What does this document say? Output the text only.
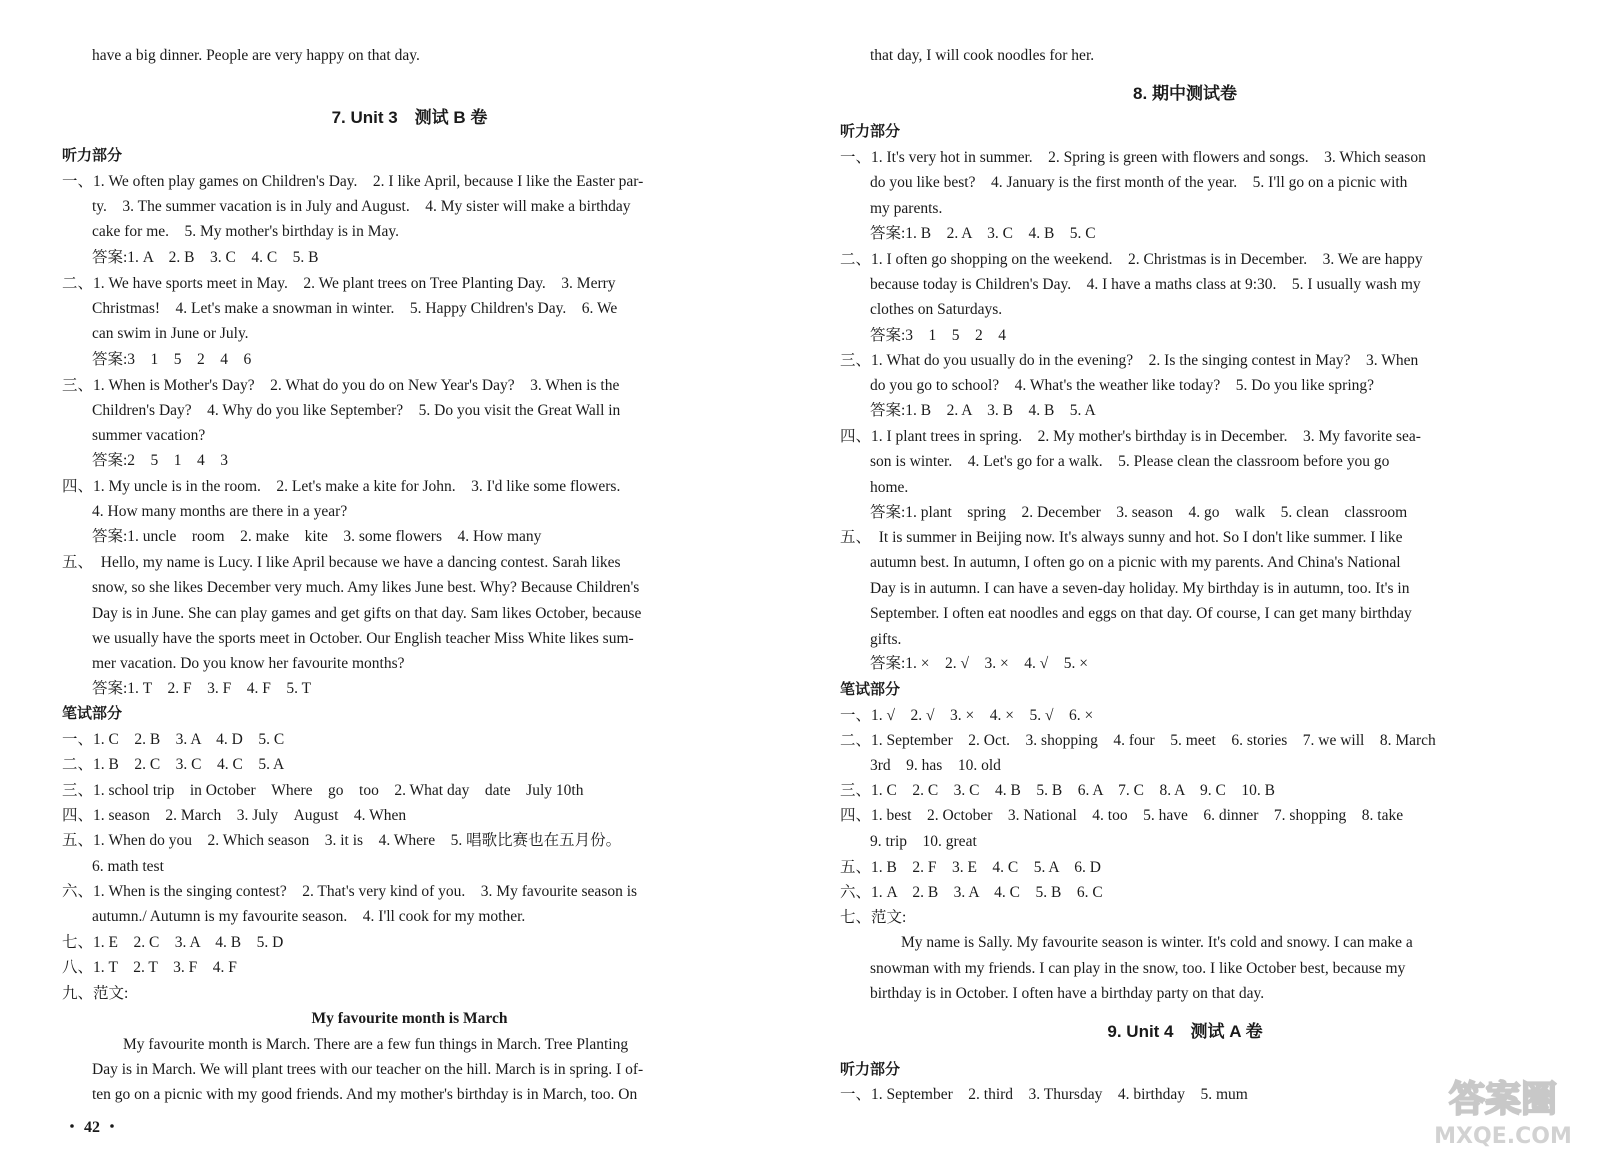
have a big dinner. People are very happy on that day.
7. Unit 3　测试 B 卷
听力部分
一、1. We often play games on Children's Day.　2. I like April, because I like the Easter par-
ty.　3. The summer vacation is in July and August.　4. My sister will make a birthday
cake for me.　5. My mother's birthday is in May.
答案:1. A　2. B　3. C　4. C　5. B
二、1. We have sports meet in May.　2. We plant trees on Tree Planting Day.　3. Merry
Christmas!　4. Let's make a snowman in winter.　5. Happy Children's Day.　6. We
can swim in June or July.
答案:3　1　5　2　4　6
三、1. When is Mother's Day?　2. What do you do on New Year's Day?　3. When is the
Children's Day?　4. Why do you like September?　5. Do you visit the Great Wall in
summer vacation?
答案:2　5　1　4　3
四、1. My uncle is in the room.　2. Let's make a kite for John.　3. I'd like some flowers.
4. How many months are there in a year?
答案:1. uncle　room　2. make　kite　3. some flowers　4. How many
五、　Hello, my name is Lucy. I like April because we have a dancing contest. Sarah likes
snow, so she likes December very much. Amy likes June best. Why? Because Children's
Day is in June. She can play games and get gifts on that day. Sam likes October, because
we usually have the sports meet in October. Our English teacher Miss White likes sum-
mer vacation. Do you know her favourite months?
答案:1. T　2. F　3. F　4. F　5. T
笔试部分
一、1. C　2. B　3. A　4. D　5. C
二、1. B　2. C　3. C　4. C　5. A
三、1. school trip　in October　Where　go　too　2. What day　date　July 10th
四、1. season　2. March　3. July　August　4. When
五、1. When do you　2. Which season　3. it is　4. Where　5. 唱歌比赛也在五月份。
6. math test
六、1. When is the singing contest?　2. That's very kind of you.　3. My favourite season is
autumn./ Autumn is my favourite season.　4. I'll cook for my mother.
七、1. E　2. C　3. A　4. B　5. D
八、1. T　2. T　3. F　4. F
九、范文:
My favourite month is March
　　My favourite month is March. There are a few fun things in March. Tree Planting
Day is in March. We will plant trees with our teacher on the hill. March is in spring. I of-
ten go on a picnic with my good friends. And my mother's birthday is in March, too. On
that day, I will cook noodles for her.
8. 期中测试卷
听力部分
一、1. It's very hot in summer.　2. Spring is green with flowers and songs.　3. Which season
do you like best?　4. January is the first month of the year.　5. I'll go on a picnic with
my parents.
答案:1. B　2. A　3. C　4. B　5. C
二、1. I often go shopping on the weekend.　2. Christmas is in December.　3. We are happy
because today is Children's Day.　4. I have a maths class at 9:30.　5. I usually wash my
clothes on Saturdays.
答案:3　1　5　2　4
三、1. What do you usually do in the evening?　2. Is the singing contest in May?　3. When
do you go to school?　4. What's the weather like today?　5. Do you like spring?
答案:1. B　2. A　3. B　4. B　5. A
四、1. I plant trees in spring.　2. My mother's birthday is in December.　3. My favorite sea-
son is winter.　4. Let's go for a walk.　5. Please clean the classroom before you go
home.
答案:1. plant　spring　2. December　3. season　4. go　walk　5. clean　classroom
五、　It is summer in Beijing now. It's always sunny and hot. So I don't like summer. I like
autumn best. In autumn, I often go on a picnic with my parents. And China's National
Day is in autumn. I can have a seven-day holiday. My birthday is in autumn, too. It's in
September. I often eat noodles and eggs on that day. Of course, I can get many birthday
gifts.
答案:1. ×　2. √　3. ×　4. √　5. ×
笔试部分
一、1. √　2. √　3. ×　4. ×　5. √　6. ×
二、1. September　2. Oct.　3. shopping　4. four　5. meet　6. stories　7. we will　8. March
3rd　9. has　10. old
三、1. C　2. C　3. C　4. B　5. B　6. A　7. C　8. A　9. C　10. B
四、1. best　2. October　3. National　4. too　5. have　6. dinner　7. shopping　8. take
9. trip　10. great
五、1. B　2. F　3. E　4. C　5. A　6. D
六、1. A　2. B　3. A　4. C　5. B　6. C
七、范文:
　　My name is Sally. My favourite season is winter. It's cold and snowy. I can make a
snowman with my friends. I can play in the snow, too. I like October best, because my
birthday is in October. I often have a birthday party on that day.
9. Unit 4　测试 A 卷
听力部分
一、1. September　2. third　3. Thursday　4. birthday　5. mum
・ 42 ・
答案圈
MXQE.COM
